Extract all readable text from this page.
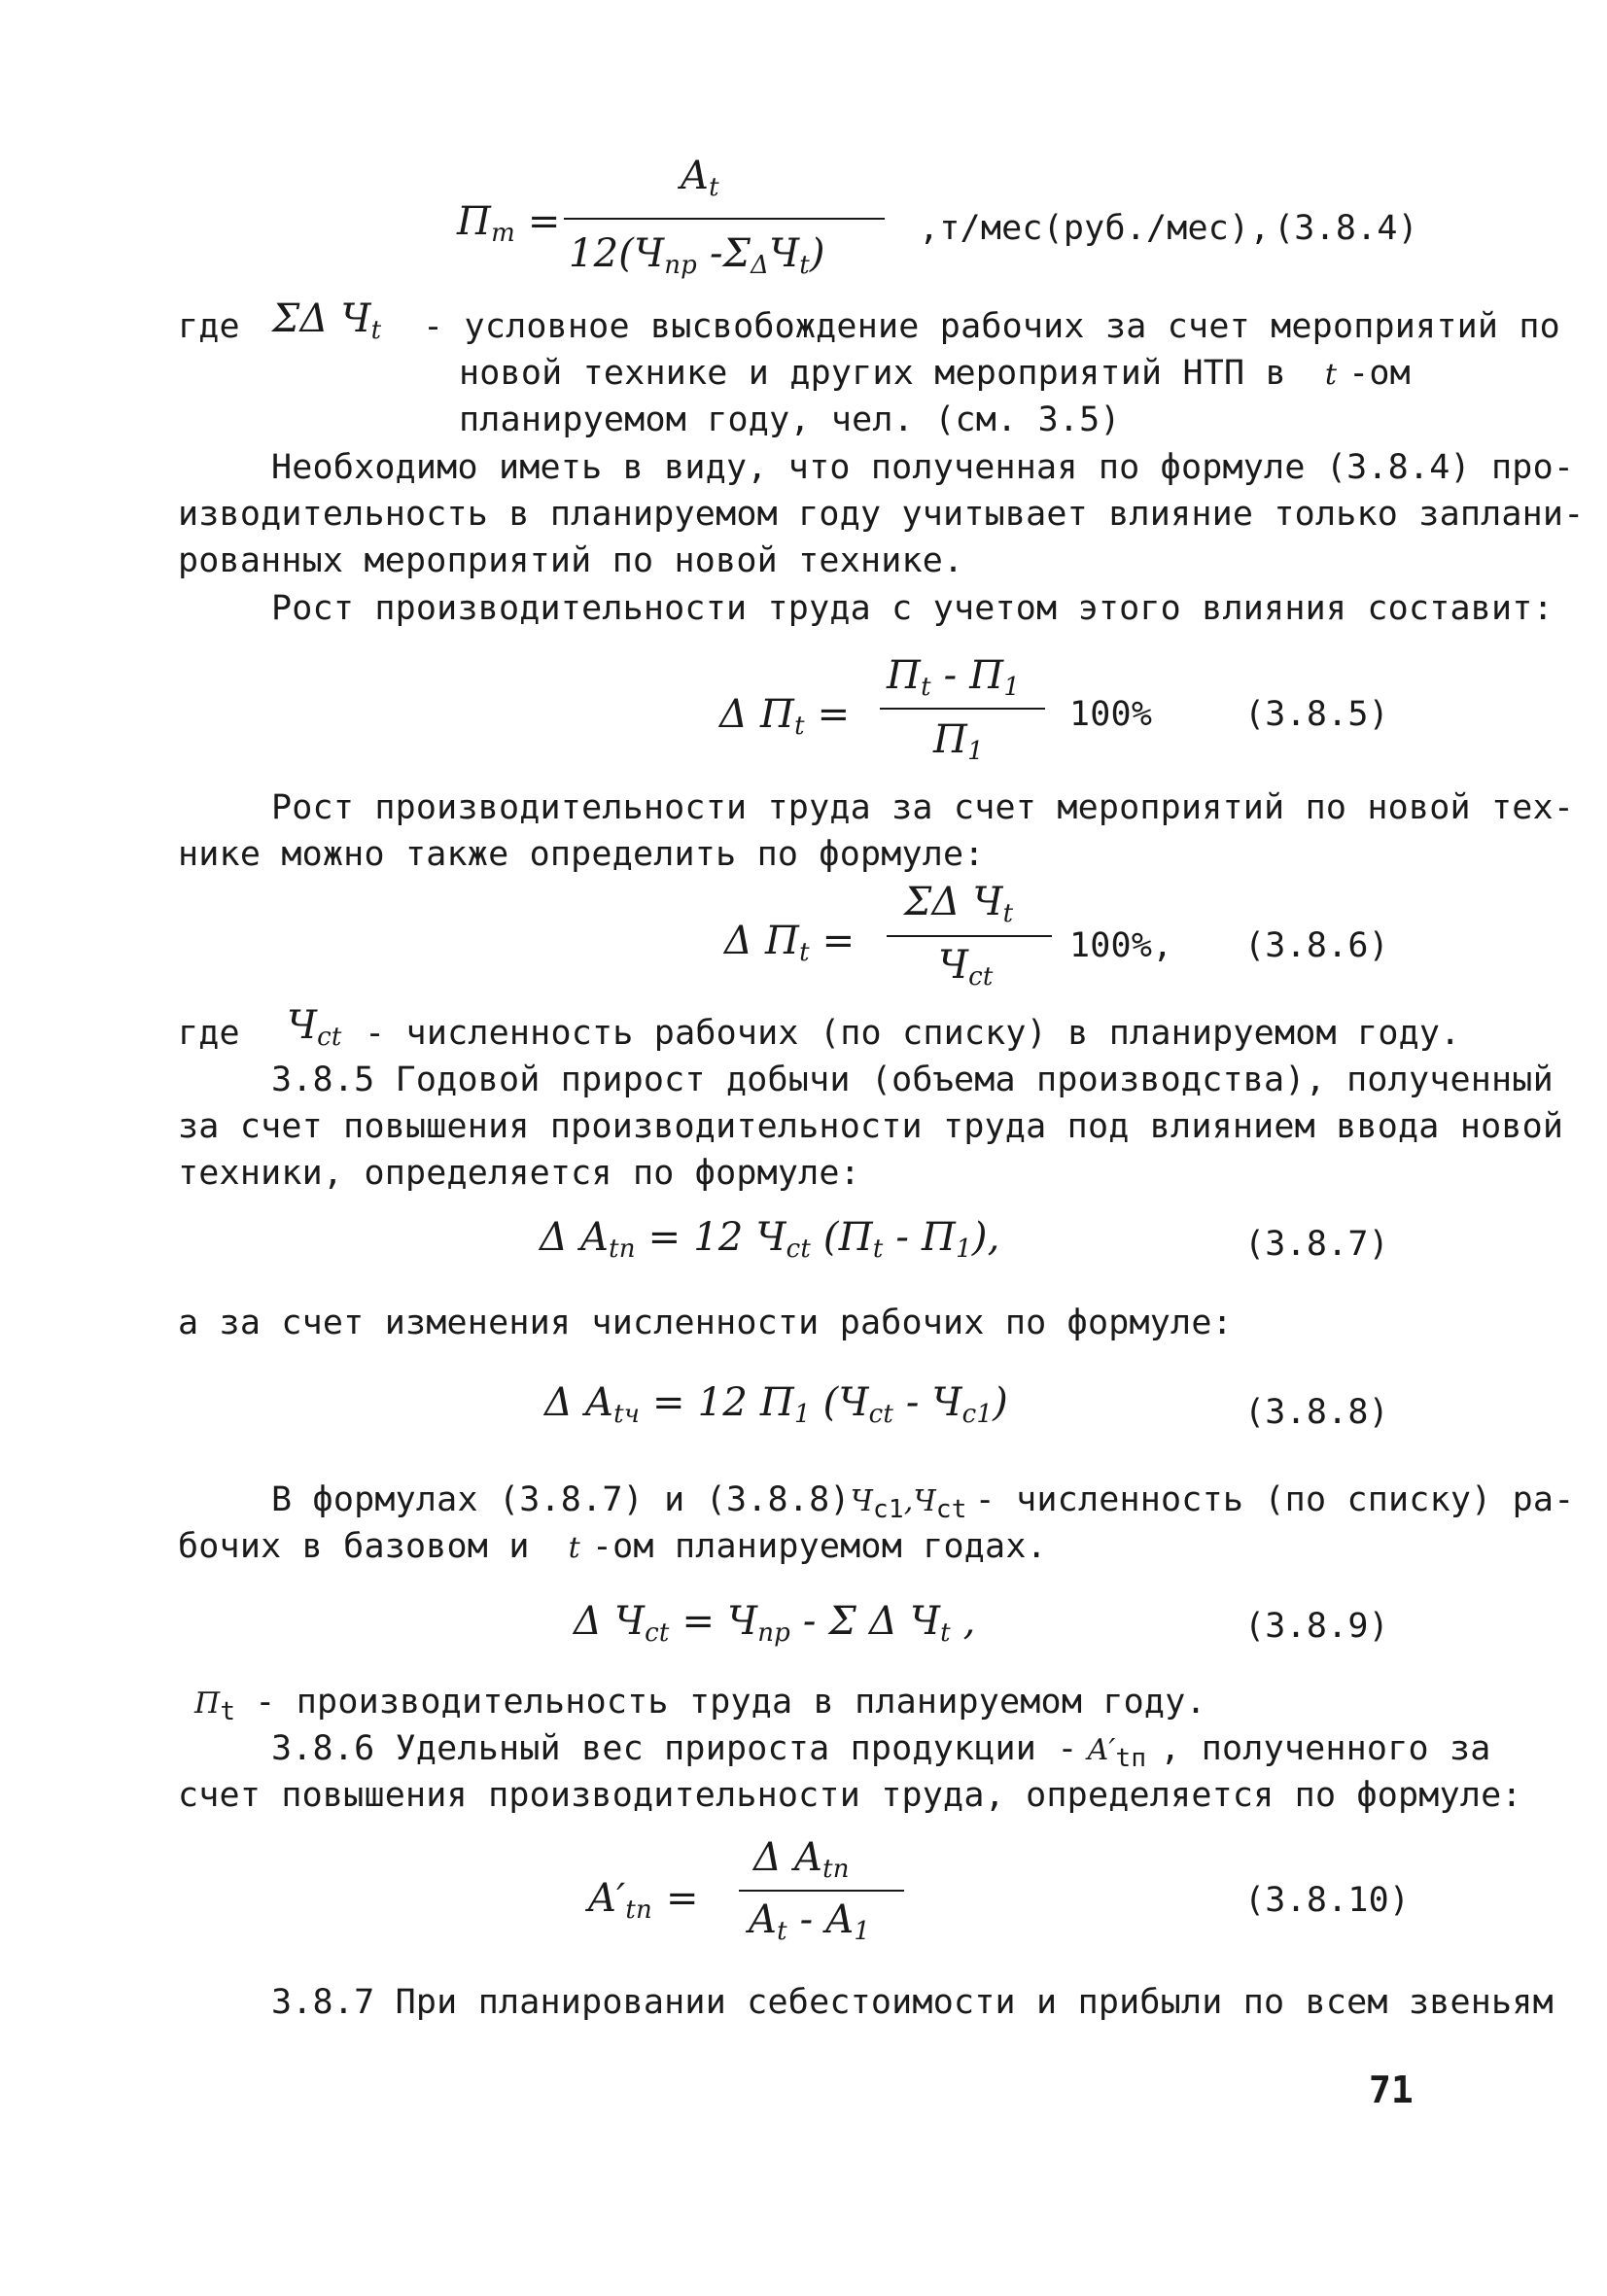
$П_т$ =
$A_t$
$12(Ч_{пр}$ $-\Sigma_\Delta Ч_t$)
,т/мес(руб./мес), (3.8.4)
где ΣΔ $Ч_t$ - условное высвобождение рабочих за счет мероприятий по
новой технике и других мероприятий НТП в t -ом
планируемом году, чел. (см. 3.5)
Необходимо иметь в виду, что полученная по формуле (3.8.4) про-
изводительность в планируемом году учитывает влияние только заплани-
рованных мероприятий по новой технике.
Рост производительности труда с учетом этого влияния составит:
Δ $П_t$ =
$П_t - П_1$
$П_1$
100%	(3.8.5)
Рост производительности труда за счет мероприятий по новой тех-
нике можно также определить по формуле:
Δ $П_t$ =
ΣΔ $Ч_t$
$Ч_{ct}$
100%, (3.8.6)
где $Ч_{ct}$ - численность рабочих (по списку) в планируемом году.
3.8.5 Годовой прирост добычи (объема производства), полученный
за счет повышения производительности труда под влиянием ввода новой
техники, определяется по формуле:
Δ $A_{tп} = 12$ $Ч_{ct}$ $(П_t - П_1)$,	(3.8.7)
а за счет изменения численности рабочих по формуле:
Δ $A_{tч} = 12$ $П_1$ $(Ч_{ct} - Ч_{c1})$	(3.8.8)
В формулах (3.8.7) и $(3.8.8)Ч_{c1},Ч_{ct}$ - численность (по списку) ра-
бочих в базовом и t -ом планируемом годах.
Δ $Ч_{ct} = Ч_{пр} - \Sigma$ Δ $Ч_t$ ,	(3.8.9)
$П_t$ - производительность труда в планируемом году.
3.8.6 Удельный вес прироста продукции - $A'_{tп}$ , полученного за
счет повышения производительности труда, определяется по формуле:
$A'_{tп}$ =
Δ $A_{tп}$
$A_t - A_1$
(3.8.10)
3.8.7 При планировании себестоимости и прибыли по всем звеньям
71
